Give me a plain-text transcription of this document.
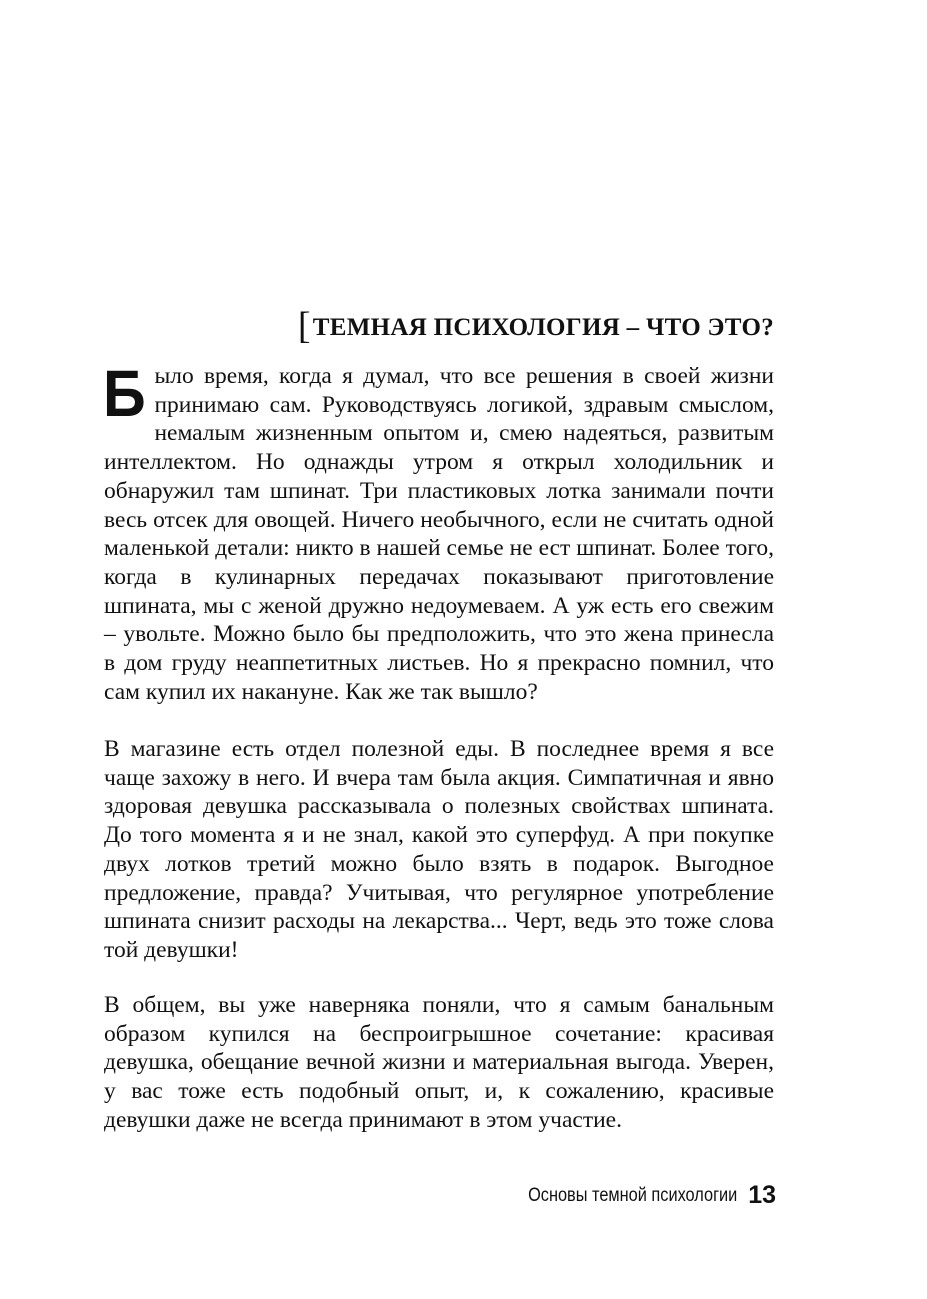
[ТЕМНАЯ ПСИХОЛОГИЯ – ЧТО ЭТО?
Было время, когда я думал, что все решения в своей жизни принимаю сам. Руководствуясь логикой, здравым смыслом, немалым жизненным опытом и, смею надеяться, развитым интеллектом. Но однажды утром я открыл холодильник и обнаружил там шпинат. Три пластиковых лотка занимали почти весь отсек для овощей. Ничего необычного, если не считать одной маленькой детали: никто в нашей семье не ест шпинат. Более того, когда в кулинарных передачах показывают приготовление шпината, мы с женой дружно недоумеваем. А уж есть его свежим – увольте. Можно было бы предположить, что это жена принесла в дом груду неаппетитных листьев. Но я прекрасно помнил, что сам купил их накануне. Как же так вышло?
В магазине есть отдел полезной еды. В последнее время я все чаще захожу в него. И вчера там была акция. Симпатичная и явно здоровая девушка рассказывала о полезных свойствах шпината. До того момента я и не знал, какой это суперфуд. А при покупке двух лотков третий можно было взять в подарок. Выгодное предложение, правда? Учитывая, что регулярное употребление шпината снизит расходы на лекарства... Черт, ведь это тоже слова той девушки!
В общем, вы уже наверняка поняли, что я самым банальным образом купился на беспроигрышное сочетание: красивая девушка, обещание вечной жизни и материальная выгода. Уверен, у вас тоже есть подобный опыт, и, к сожалению, красивые девушки даже не всегда принимают в этом участие.
Основы темной психологии 13
